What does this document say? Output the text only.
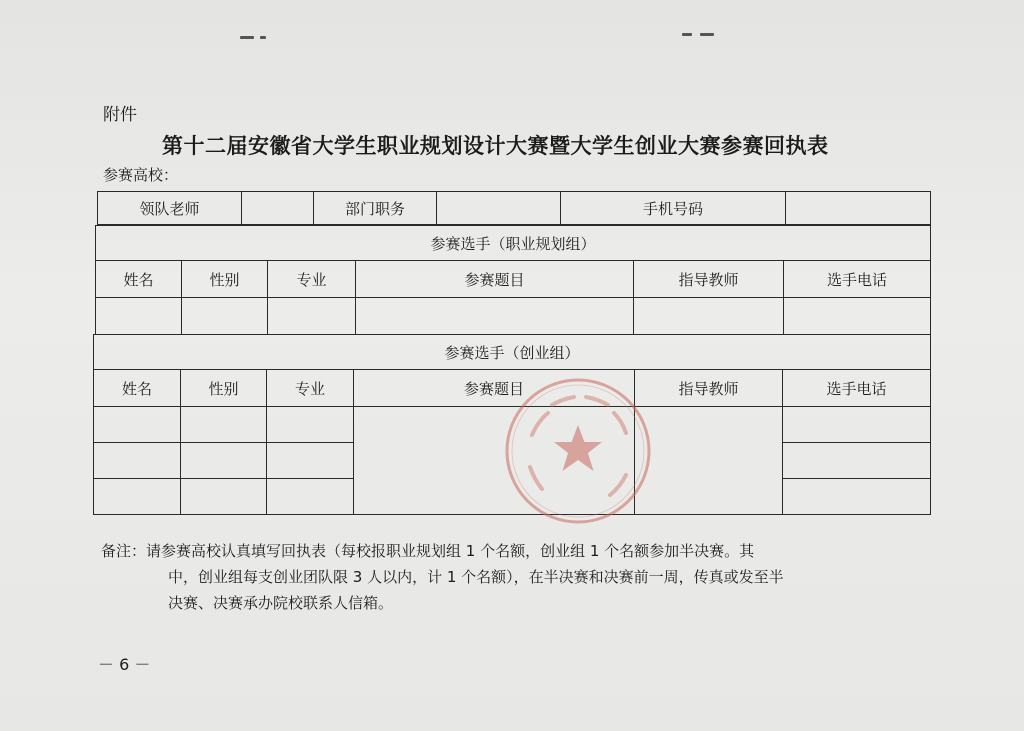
附件
第十二届安徽省大学生职业规划设计大赛暨大学生创业大赛参赛回执表
参赛高校：
领队老师		部门职务		手机号码	
参赛选手（职业规划组）					
姓名	性别	专业	参赛题目	指导教师	选手电话

参赛选手（创业组）					
姓名	性别	专业	参赛题目	指导教师	选手电话

备注：请参赛高校认真填写回执表（每校报职业规划组 1 个名额，创业组 1 个名额参加半决赛。其
中，创业组每支创业团队限 3 人以内，计 1 个名额），在半决赛和决赛前一周，传真或发至半
决赛、决赛承办院校联系人信箱。
－ 6 －
